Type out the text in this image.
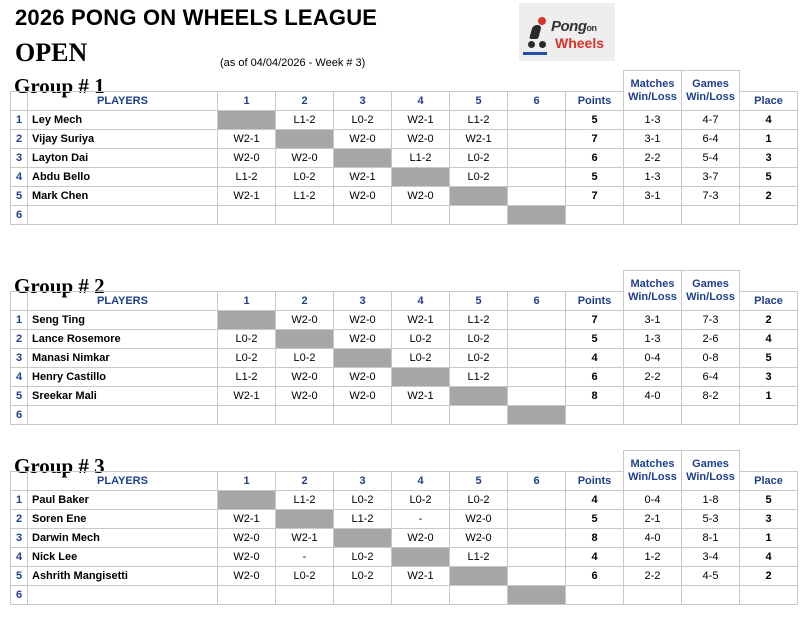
2026 PONG ON WHEELS LEAGUE
OPEN	(as of 04/04/2026 - Week # 3)
Pongon
Wheels
Group # 1
										Matches	Games	
	PLAYERS	1	2	3	4	5	6	Points	Win/Loss	Win/Loss	Place
1	Ley Mech		L1-2	L0-2	W2-1	L1-2		5	1-3	4-7	4
2	Vijay Suriya	W2-1		W2-0	W2-0	W2-1		7	3-1	6-4	1
3	Layton Dai	W2-0	W2-0		L1-2	L0-2		6	2-2	5-4	3
4	Abdu Bello	L1-2	L0-2	W2-1		L0-2		5	1-3	3-7	5
5	Mark Chen	W2-1	L1-2	W2-0	W2-0			7	3-1	7-3	2
6											
Group # 2
										Matches	Games	
	PLAYERS	1	2	3	4	5	6	Points	Win/Loss	Win/Loss	Place
1	Seng Ting		W2-0	W2-0	W2-1	L1-2		7	3-1	7-3	2
2	Lance Rosemore	L0-2		W2-0	L0-2	L0-2		5	1-3	2-6	4
3	Manasi Nimkar	L0-2	L0-2		L0-2	L0-2		4	0-4	0-8	5
4	Henry Castillo	L1-2	W2-0	W2-0		L1-2		6	2-2	6-4	3
5	Sreekar Mali	W2-1	W2-0	W2-0	W2-1			8	4-0	8-2	1
6											
Group # 3
										Matches	Games	
	PLAYERS	1	2	3	4	5	6	Points	Win/Loss	Win/Loss	Place
1	Paul Baker		L1-2	L0-2	L0-2	L0-2		4	0-4	1-8	5
2	Soren Ene	W2-1		L1-2	-	W2-0		5	2-1	5-3	3
3	Darwin Mech	W2-0	W2-1		W2-0	W2-0		8	4-0	8-1	1
4	Nick Lee	W2-0	-	L0-2		L1-2		4	1-2	3-4	4
5	Ashrith Mangisetti	W2-0	L0-2	L0-2	W2-1			6	2-2	4-5	2
6											
